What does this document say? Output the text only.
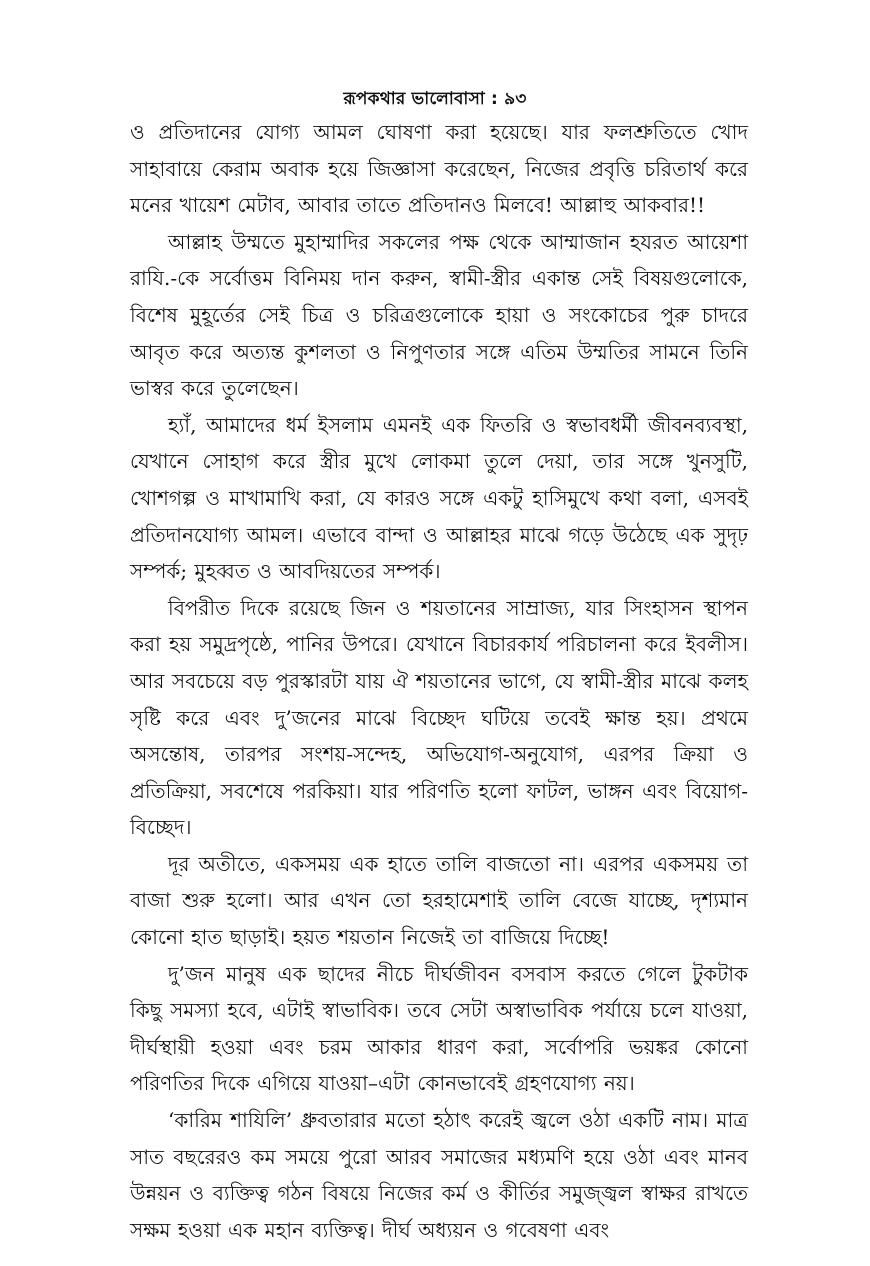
রূপকথার ভালোবাসা : ৯৩

ও প্রতিদানের যোগ্য আমল ঘোষণা করা হয়েছে। যার ফলশ্রুতিতে খোদ সাহাবায়ে কেরাম অবাক হয়ে জিজ্ঞাসা করেছেন, নিজের প্রবৃত্তি চরিতার্থ করে মনের খায়েশ মেটাব, আবার তাতে প্রতিদানও মিলবে! আল্লাহু আকবার!!

আল্লাহ উম্মতে মুহাম্মাদির সকলের পক্ষ থেকে আম্মাজান হযরত আয়েশা রাযি.-কে সর্বোত্তম বিনিময় দান করুন, স্বামী-স্ত্রীর একান্ত সেই বিষয়গুলোকে, বিশেষ মুহূর্তের সেই চিত্র ও চরিত্রগুলোকে হায়া ও সংকোচের পুরু চাদরে আবৃত করে অত্যন্ত কুশলতা ও নিপুণতার সঙ্গে এতিম উম্মতির সামনে তিনি ভাস্বর করে তুলেছেন।

হ্যাঁ, আমাদের ধর্ম ইসলাম এমনই এক ফিতরি ও স্বভাবধর্মী জীবনব্যবস্থা, যেখানে সোহাগ করে স্ত্রীর মুখে লোকমা তুলে দেয়া, তার সঙ্গে খুনসুটি, খোশগল্প ও মাখামাখি করা, যে কারও সঙ্গে একটু হাসিমুখে কথা বলা, এসবই প্রতিদানযোগ্য আমল। এভাবে বান্দা ও আল্লাহর মাঝে গড়ে উঠেছে এক সুদৃঢ় সম্পর্ক; মুহব্বত ও আবদিয়তের সম্পর্ক।

বিপরীত দিকে রয়েছে জিন ও শয়তানের সাম্রাজ্য, যার সিংহাসন স্থাপন করা হয় সমুদ্রপৃষ্ঠে, পানির উপরে। যেখানে বিচারকার্য পরিচালনা করে ইবলীস। আর সবচেয়ে বড় পুরস্কারটা যায় ঐ শয়তানের ভাগে, যে স্বামী-স্ত্রীর মাঝে কলহ সৃষ্টি করে এবং দু’জনের মাঝে বিচ্ছেদ ঘটিয়ে তবেই ক্ষান্ত হয়। প্রথমে অসন্তোষ, তারপর সংশয়-সন্দেহ, অভিযোগ-অনুযোগ, এরপর ক্রিয়া ও প্রতিক্রিয়া, সবশেষে পরকিয়া। যার পরিণতি হলো ফাটল, ভাঙ্গন এবং বিয়োগ-বিচ্ছেদ।

দূর অতীতে, একসময় এক হাতে তালি বাজতো না। এরপর একসময় তা বাজা শুরু হলো। আর এখন তো হরহামেশাই তালি বেজে যাচ্ছে, দৃশ্যমান কোনো হাত ছাড়াই। হয়ত শয়তান নিজেই তা বাজিয়ে দিচ্ছে!

দু’জন মানুষ এক ছাদের নীচে দীর্ঘজীবন বসবাস করতে গেলে টুকটাক কিছু সমস্যা হবে, এটাই স্বাভাবিক। তবে সেটা অস্বাভাবিক পর্যায়ে চলে যাওয়া, দীর্ঘস্থায়ী হওয়া এবং চরম আকার ধারণ করা, সর্বোপরি ভয়ঙ্কর কোনো পরিণতির দিকে এগিয়ে যাওয়া–এটা কোনভাবেই গ্রহণযোগ্য নয়।

‘কারিম শাযিলি’ ধ্রুবতারার মতো হঠাৎ করেই জ্বলে ওঠা একটি নাম। মাত্র সাত বছরেরও কম সময়ে পুরো আরব সমাজের মধ্যমণি হয়ে ওঠা এবং মানব উন্নয়ন ও ব্যক্তিত্ব গঠন বিষয়ে নিজের কর্ম ও কীর্তির সমুজ্জ্বল স্বাক্ষর রাখতে সক্ষম হওয়া এক মহান ব্যক্তিত্ব। দীর্ঘ অধ্যয়ন ও গবেষণা এবং
